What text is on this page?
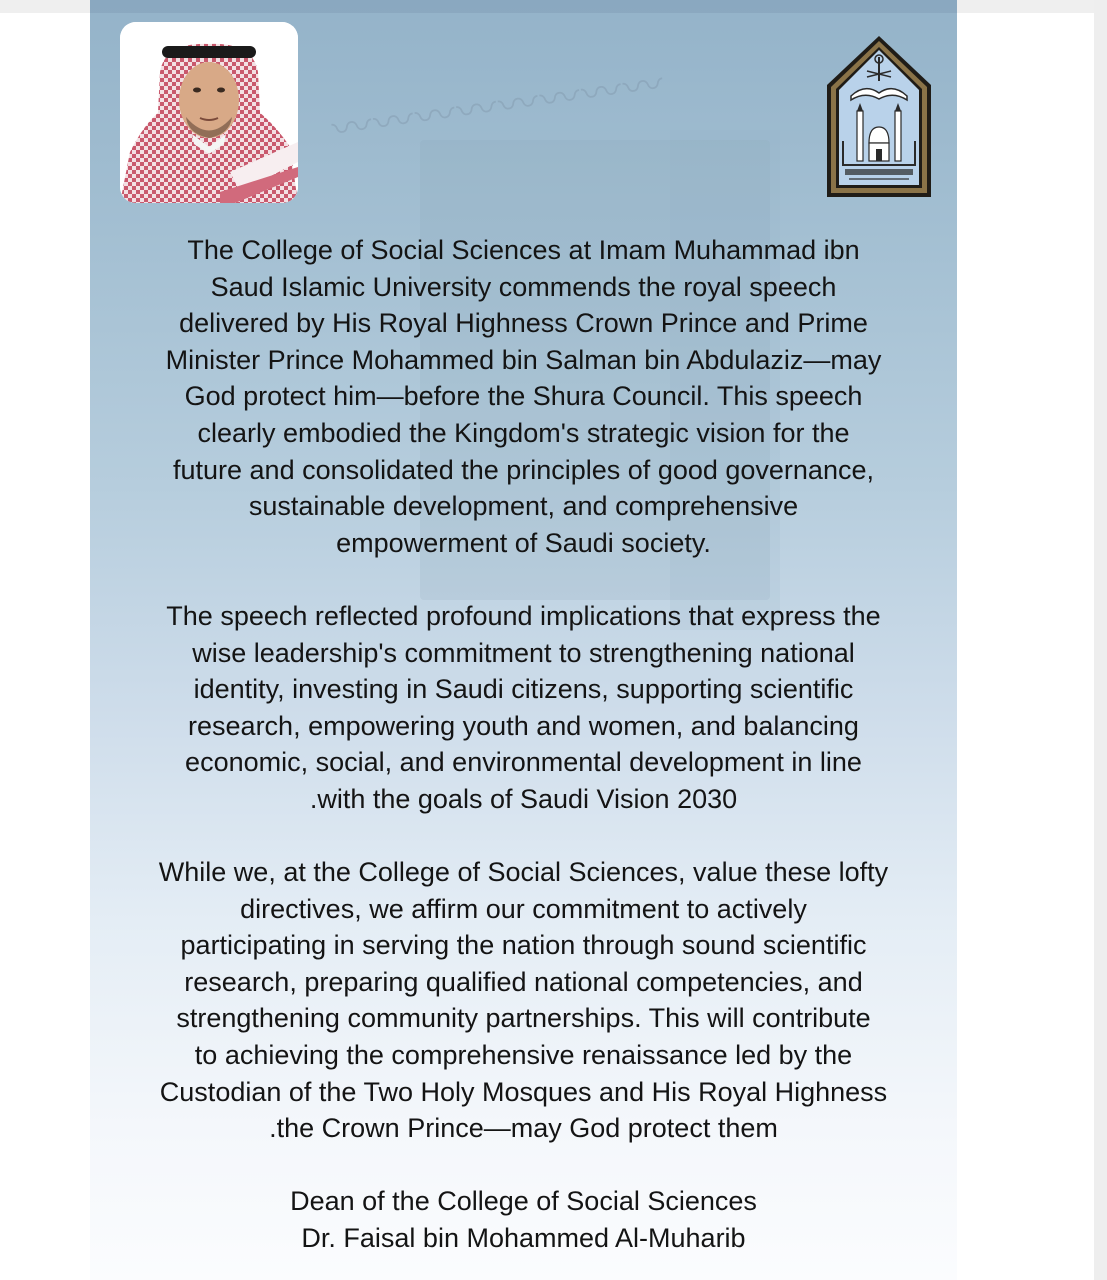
〰〰〰〰〰〰〰〰

The College of Social Sciences at Imam Muhammad ibn
Saud Islamic University commends the royal speech
delivered by His Royal Highness Crown Prince and Prime
Minister Prince Mohammed bin Salman bin Abdulaziz—may
God protect him—before the Shura Council. This speech
clearly embodied the Kingdom's strategic vision for the
future and consolidated the principles of good governance,
sustainable development, and comprehensive
empowerment of Saudi society.

The speech reflected profound implications that express the
wise leadership's commitment to strengthening national
identity, investing in Saudi citizens, supporting scientific
research, empowering youth and women, and balancing
economic, social, and environmental development in line
.with the goals of Saudi Vision 2030

While we, at the College of Social Sciences, value these lofty
directives, we affirm our commitment to actively
participating in serving the nation through sound scientific
research, preparing qualified national competencies, and
strengthening community partnerships. This will contribute
to achieving the comprehensive renaissance led by the
Custodian of the Two Holy Mosques and His Royal Highness
.the Crown Prince—may God protect them

Dean of the College of Social Sciences
Dr. Faisal bin Mohammed Al-Muharib
